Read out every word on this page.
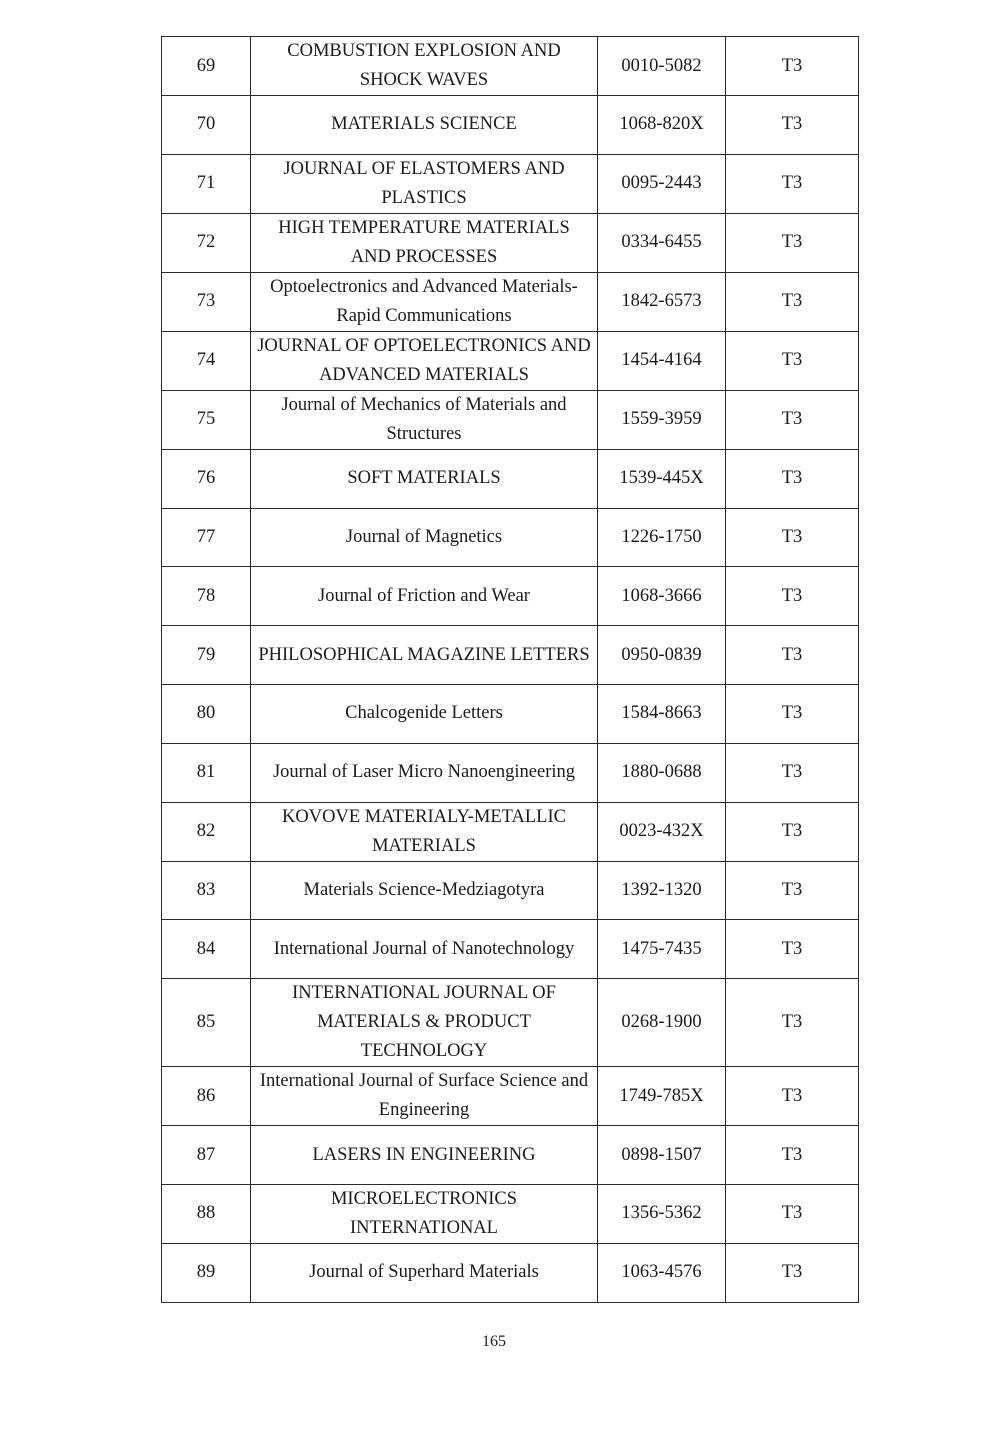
69	COMBUSTION EXPLOSION AND SHOCK WAVES	0010-5082	T3
70	MATERIALS SCIENCE	1068-820X	T3
71	JOURNAL OF ELASTOMERS AND PLASTICS	0095-2443	T3
72	HIGH TEMPERATURE MATERIALS AND PROCESSES	0334-6455	T3
73	Optoelectronics and Advanced Materials-Rapid Communications	1842-6573	T3
74	JOURNAL OF OPTOELECTRONICS AND ADVANCED MATERIALS	1454-4164	T3
75	Journal of Mechanics of Materials and Structures	1559-3959	T3
76	SOFT MATERIALS	1539-445X	T3
77	Journal of Magnetics	1226-1750	T3
78	Journal of Friction and Wear	1068-3666	T3
79	PHILOSOPHICAL MAGAZINE LETTERS	0950-0839	T3
80	Chalcogenide Letters	1584-8663	T3
81	Journal of Laser Micro Nanoengineering	1880-0688	T3
82	KOVOVE MATERIALY-METALLIC MATERIALS	0023-432X	T3
83	Materials Science-Medziagotyra	1392-1320	T3
84	International Journal of Nanotechnology	1475-7435	T3
85	INTERNATIONAL JOURNAL OF MATERIALS & PRODUCT TECHNOLOGY	0268-1900	T3
86	International Journal of Surface Science and Engineering	1749-785X	T3
87	LASERS IN ENGINEERING	0898-1507	T3
88	MICROELECTRONICS INTERNATIONAL	1356-5362	T3
89	Journal of Superhard Materials	1063-4576	T3
165
